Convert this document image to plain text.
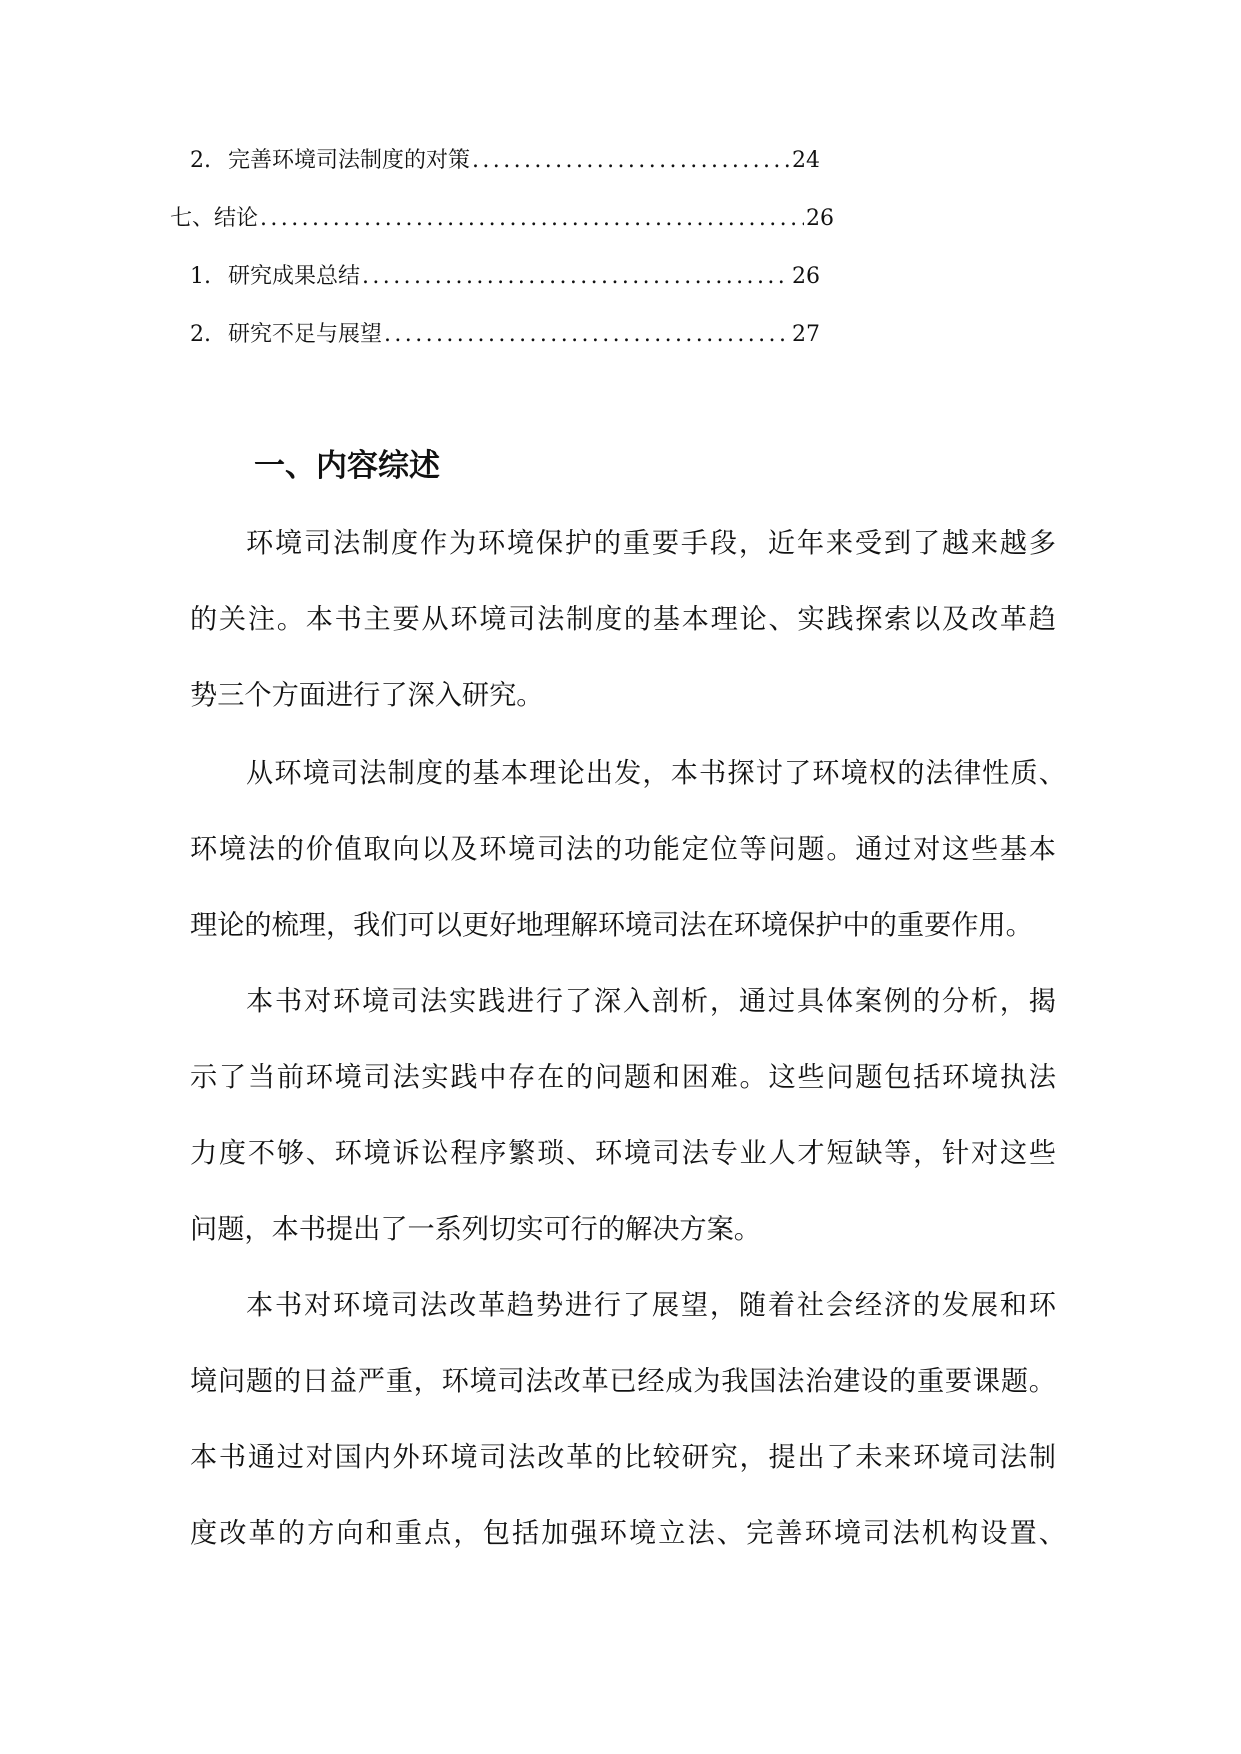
2. 完善环境司法制度的对策 .....	24
七、结论 .....	26
1. 研究成果总结 .....	26
2. 研究不足与展望 .....	27
一、内容综述
环境司法制度作为环境保护的重要手段，近年来受到了越来越多
的关注。本书主要从环境司法制度的基本理论、实践探索以及改革趋
势三个方面进行了深入研究。
从环境司法制度的基本理论出发，本书探讨了环境权的法律性质、
环境法的价值取向以及环境司法的功能定位等问题。通过对这些基本
理论的梳理，我们可以更好地理解环境司法在环境保护中的重要作用。
本书对环境司法实践进行了深入剖析，通过具体案例的分析，揭
示了当前环境司法实践中存在的问题和困难。这些问题包括环境执法
力度不够、环境诉讼程序繁琐、环境司法专业人才短缺等，针对这些
问题，本书提出了一系列切实可行的解决方案。
本书对环境司法改革趋势进行了展望，随着社会经济的发展和环
境问题的日益严重，环境司法改革已经成为我国法治建设的重要课题。
本书通过对国内外环境司法改革的比较研究，提出了未来环境司法制
度改革的方向和重点，包括加强环境立法、完善环境司法机构设置、
